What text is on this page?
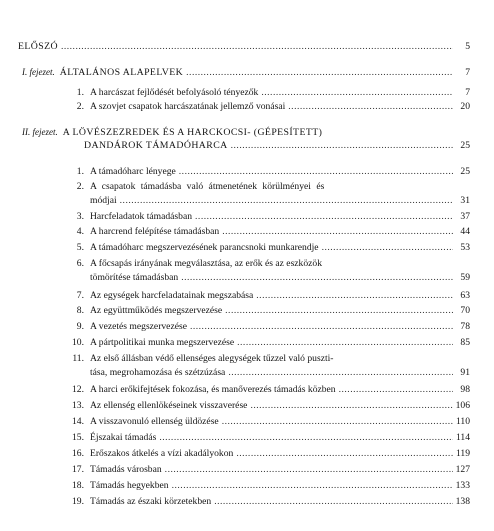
ELŐSZÓ .....	5
I. fejezet. ÁLTALÁNOS ALAPELVEK .....	7
1. A harcászat fejlődését befolyásoló tényezők .....	7
2. A szovjet csapatok harcászatának jellemző vonásai .....	20
II. fejezet. A LÖVÉSZEZREDEK ÉS A HARCKOCSI- (GÉPESÍTETT)
DANDÁROK TÁMADÓHARCA .....	25
1. A támadóharc lényege .....	25
2. A csapatok támadásba való átmenetének körülményei és
módjai .....	31
3. Harcfeladatok támadásban .....	37
4. A harcrend felépítése támadásban .....	44
5. A támadóharc megszervezésének parancsnoki munkarendje .....	53
6. A főcsapás irányának megválasztása, az erők és az eszközök
tömörítése támadásban .....	59
7. Az egységek harcfeladatainak megszabása .....	63
8. Az együttműködés megszervezése .....	70
9. A vezetés megszervezése .....	78
10. A pártpolitikai munka megszervezése .....	85
11. Az első állásban védő ellenséges alegységek tűzzel való puszti-
tása, megrohamozása és szétzúzása .....	91
12. A harci erőkifejtések fokozása, és manőverezés támadás közben .....	98
13. Az ellenség ellenlökéseinek visszaverése .....	106
14. A visszavonuló ellenség üldözése .....	110
15. Éjszakai támadás .....	114
16. Erőszakos átkelés a vízi akadályokon .....	119
17. Támadás városban .....	127
18. Támadás hegyekben .....	133
19. Támadás az északi körzetekben .....	138
